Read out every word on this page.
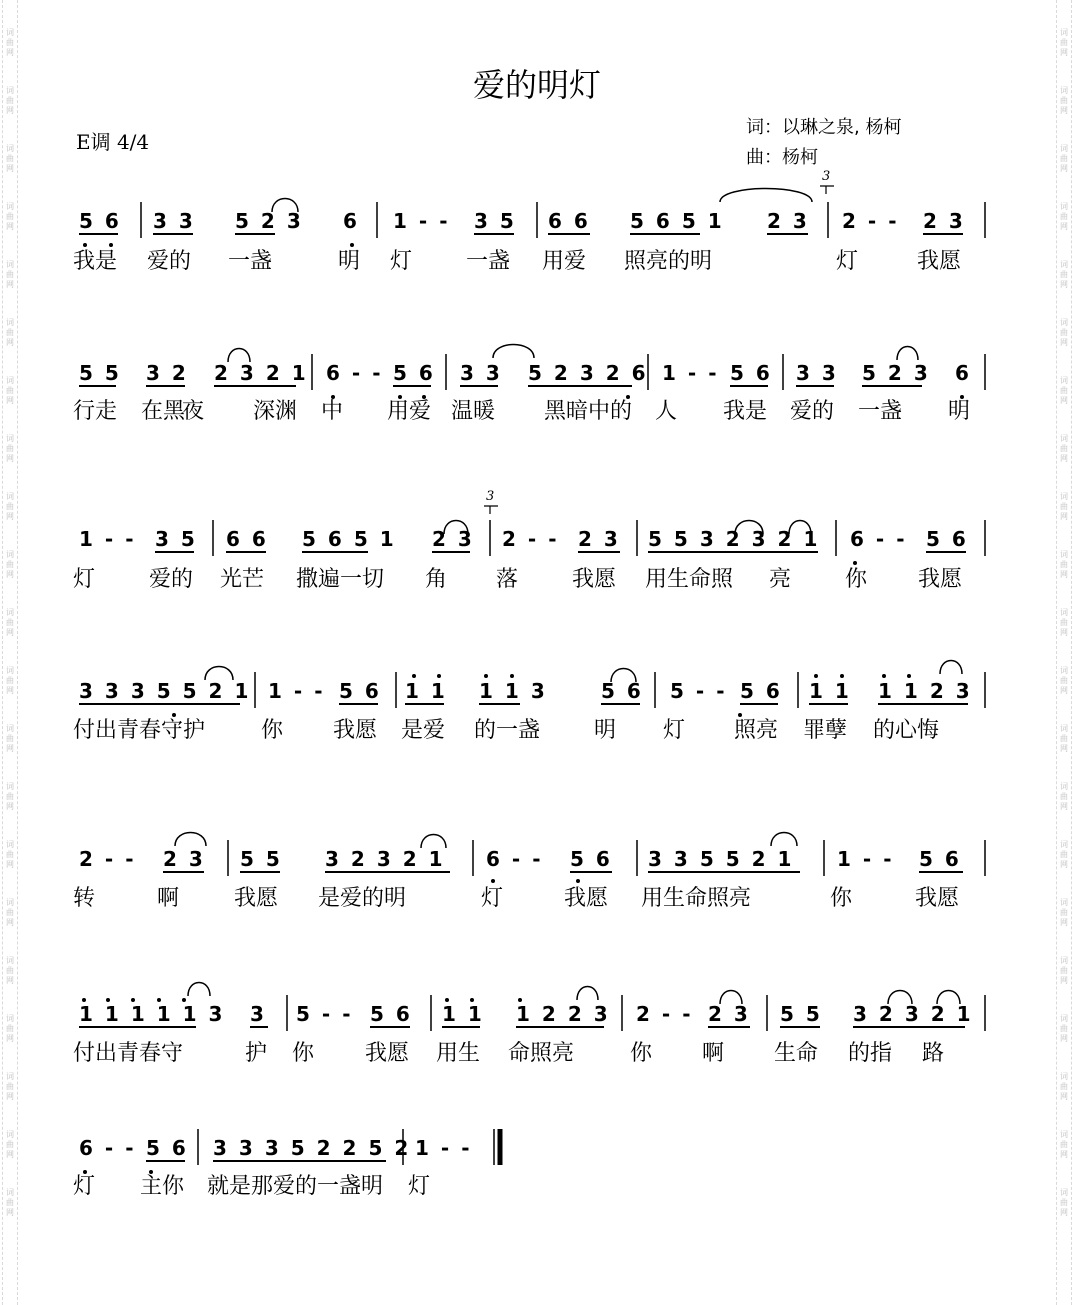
词
曲
网
词
曲
网
词
曲
网
词
曲
网
词
曲
网
词
曲
网
词
曲
网
词
曲
网
词
曲
网
词
曲
网
词
曲
网
词
曲
网
词
曲
网
词
曲
网
词
曲
网
词
曲
网
词
曲
网
词
曲
网
词
曲
网
词
曲
网
词
曲
网
词
曲
网
词
曲
网
词
曲
网
词
曲
网
词
曲
网
词
曲
网
词
曲
网
词
曲
网
词
曲
网
词
曲
网
词
曲
网
词
曲
网
词
曲
网
词
曲
网
词
曲
网
词
曲
网
词
曲
网
词
曲
网
词
曲
网
词
曲
网
词
曲
网
爱的明灯
E调 4/4
词：以琳之泉, 杨柯
曲：杨柯
5 6 3 3 5 2 3 6 1 - - 3 5 6 6 5 6 5 1 2 3 2 - - 2 3
我是 爱的 一盏	明 灯 一盏 用爱 照亮的明	灯	我愿
5 5 3 2 2 3 2 1 6 - - 5 6 3 3 5 2 3 2 6 1 - - 5 6 3 3 5 2 3 6
行走 在黑
夜 深渊 中 用爱 温暖 黑暗中的 人 我是 爱的 一盏 明
1 - - 3 5 6 6 5 6 5 1 2 3 2 - - 2 3 5 5 3 2 3 2 1 6 - - 5 6
灯 爱的 光芒 撒遍一切 角 落 我愿 用生命照 亮 你 我愿
3 3 3 5 5 2 1 1 - - 5 6 1 1 1 1 3	5 6 5 - - 5 6 1 1 1 1 2 3
付出青春守护	你 我愿 是爱 的一盏 明 灯 照亮 罪孽 的心悔
2 - - 2 3 5 5 3 2 3 2 1 6 - - 5 6 3 3 5 5 2 1 1 - - 5 6
转	啊 我愿 是爱的明	灯	我愿 用生命照亮	你	我愿
1 1 1 1 1 3 3 5 - - 5 6 1 1 1 2 2 3 2 - - 2 3 5 5 3 2 3 2 1
付出青春守	护 你 我愿 用生 命照亮	你 啊 生命 的指 路
6 - - 5 6 3 3 3 5 2 2 5 2 1 - -
灯 主你 就是那爱的一盏明 灯
3
3
